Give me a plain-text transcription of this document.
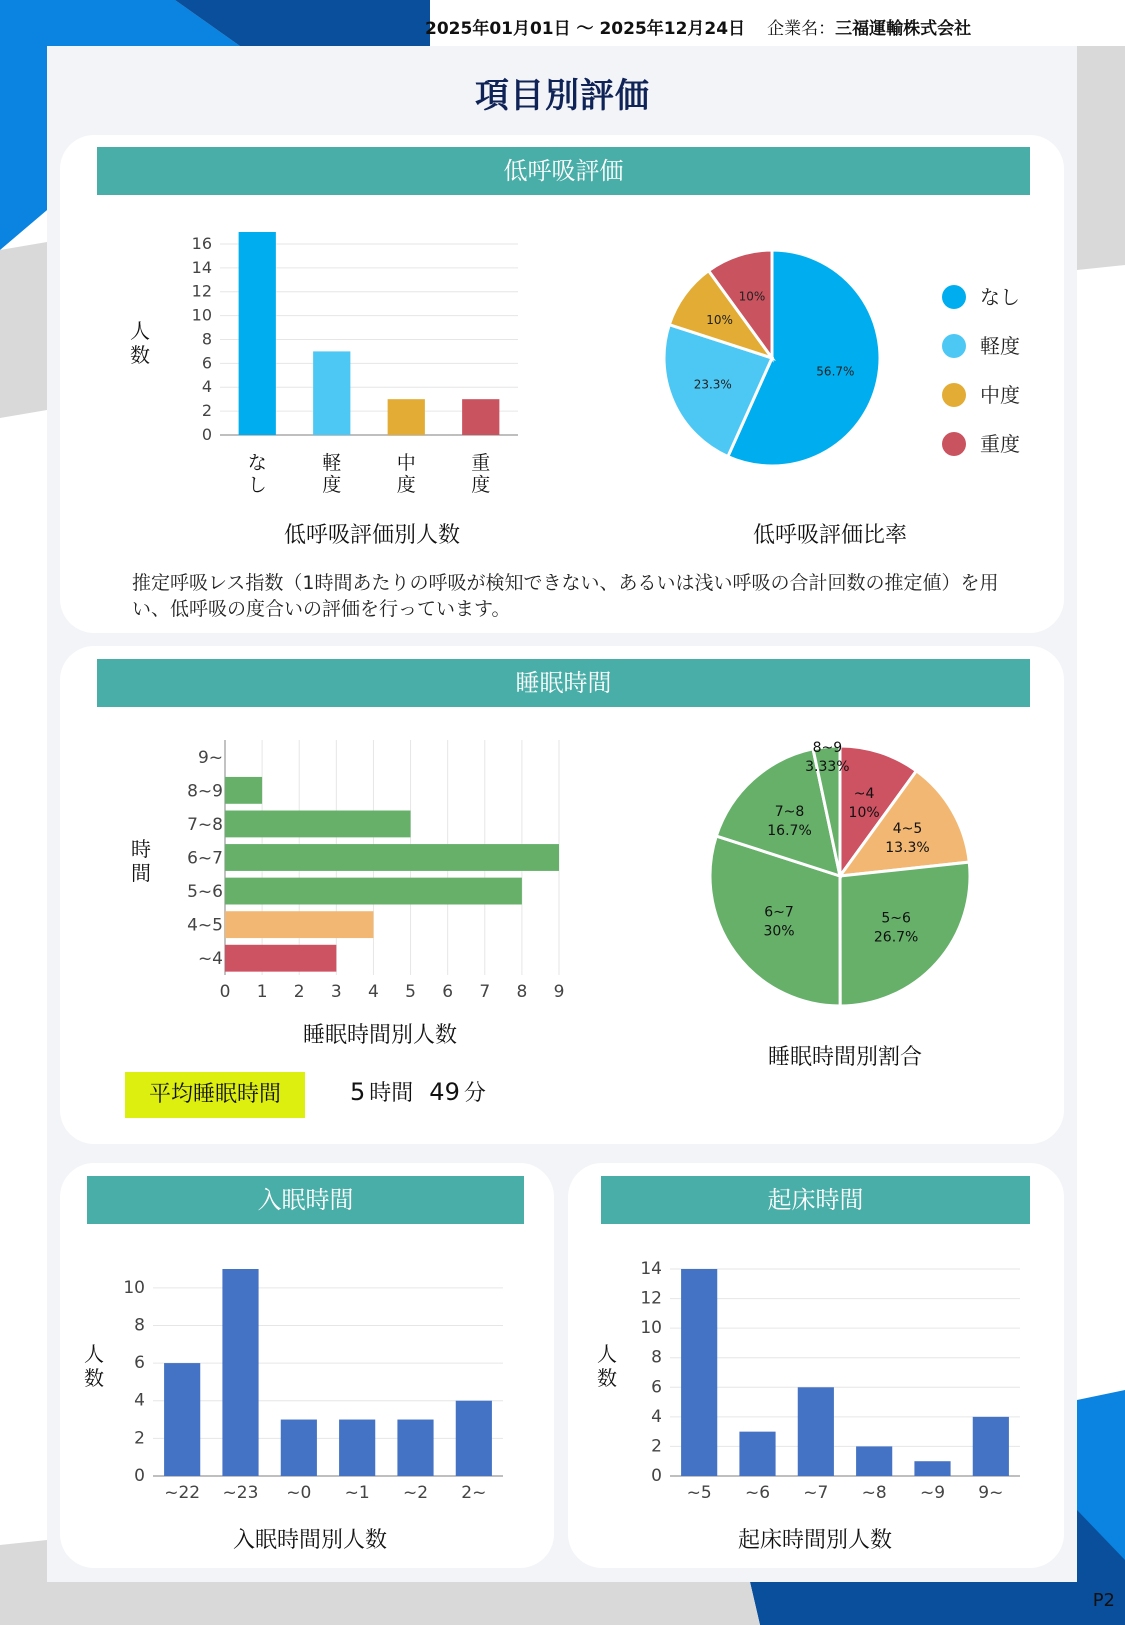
2025年01月01日 ～ 2025年12月24日 企業名：三福運輸株式会社
項目別評価
低呼吸評価
0
2
4
6
8
10
12
14
16
な
し
軽
度
中
度
重
度
人
数
低呼吸評価別人数
56.7%
23.3%
10%
10%	なし
軽度
中度
重度
低呼吸評価比率
推定呼吸レス指数（1時間あたりの呼吸が検知できない、あるいは浅い呼吸の合計回数の推定値）を用い、低呼吸の度合いの評価を行っています。
睡眠時間
0 1 2 3 4 5 6 7 8 9
9~
8~9
7~8
6~7
5~6
4~5
~4
時
間
睡眠時間別人数
~4
10%
4~5
13.3%
5~6
26.7%
6~7
30%
7~8
16.7%
8~9
3.33%
睡眠時間別割合
平均睡眠時間	5 時間 49 分
入眠時間
0
2
4
6
8
10
~22 ~23 ~0 ~1 ~2 2~
人
数
入眠時間別人数
起床時間
0
2
4
6
8
10
12
14
~5 ~6 ~7 ~8 ~9 9~
人
数
起床時間別人数
P2
